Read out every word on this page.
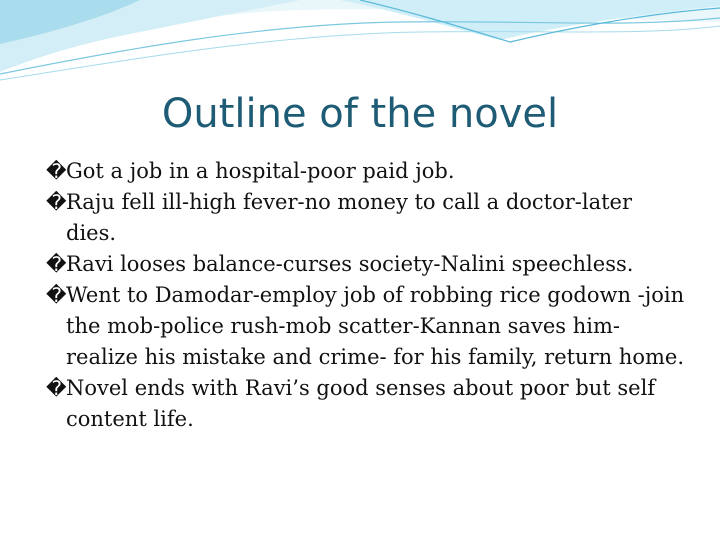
Outline of the novel
� Got a job in a hospital-poor paid job.
� Raju fell ill-high fever-no money to call a doctor-later dies.
� Ravi looses balance-curses society-Nalini speechless.
� Went to Damodar-employ job of robbing rice godown -join the mob-police rush-mob scatter-Kannan saves him-realize his mistake and crime- for his family, return home.
� Novel ends with Ravi’s good senses about poor but self content life.
